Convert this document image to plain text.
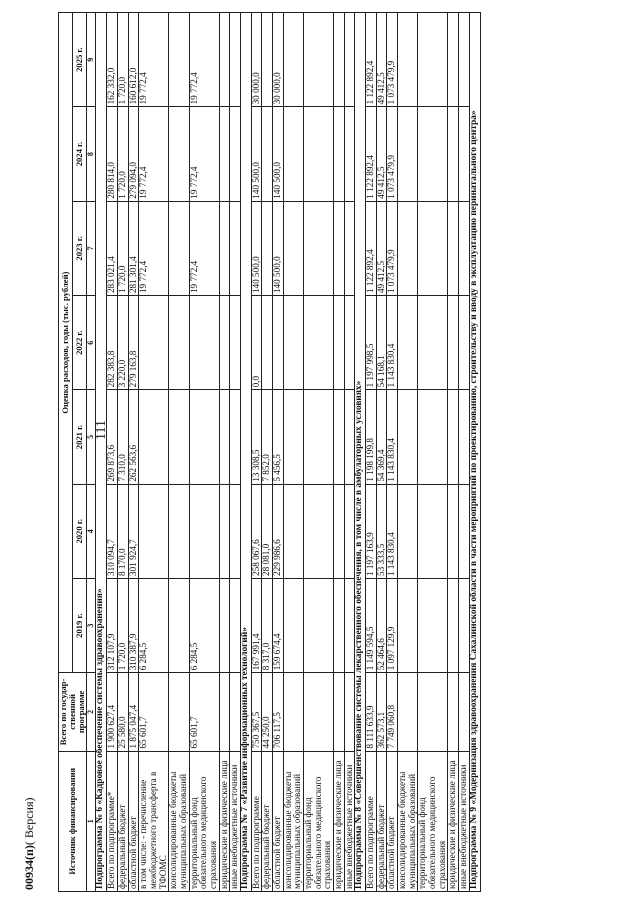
111
00934(п)( Версия)	Источник финансирования	Всего по государственной программе	Оценка расходов, годы (тыс. рублей)						
		2019 г.	2020 г.	2021 г.	2022 г.	2023 г.	2024 г.	2025 г.
1	2	3	4	5	6	7	8	9
Подпрограмма № 6 «Кадровое обеспечение системы здравоохранения»								
Всего по подпрограмме*	1 900 627,4	312 107,9	310 094,7	269 873,6	282 383,8	283 021,4	280 814,0	162 332,0
федеральный бюджет	25 580,0	1 720,0	8 170,0	7 310,0	3 220,0	1 720,0	1 720,0	1 720,0
областной бюджет	1 875 047,4	310 387,9	301 924,7	262 563,6	279 163,8	281 301,4	279 094,0	160 612,0
в том числе: - перечисление межбюджетного трансферта в ТФОМС	65 601,7	6 284,5				19 772,4	19 772,4	19 772,4
консолидированные бюджеты муниципальных образований								
территориальный фонд обязательного медицинского страхования	65 601,7	6 284,5				19 772,4	19 772,4	19 772,4
юридические и физические лица								
иные внебюджетные источники								
Подпрограмма № 7 «Развитие информационных технологий»								
Всего по подпрограмме	750 367,5	167 991,4	258 067,6	13 308,5	0,0	140 500,0	140 500,0	30 000,0
федеральный бюджет	44 250,0	8 317,0	28 081,0	7 852,0				
областной бюджет	706 117,5	159 674,4	229 986,6	5 456,5		140 500,0	140 500,0	30 000,0
консолидированные бюджеты муниципальных образований								
территориальный фонд обязательного медицинского страхования								
юридические и физические лица								
иные внебюджетные источники								
Подпрограмма № 8 «Совершенствование системы лекарственного обеспечения, в том числе в амбулаторных условиях»								
Всего по подпрограмме	8 111 633,9	1 149 594,5	1 197 163,9	1 198 199,8	1 197 998,5	1 122 892,4	1 122 892,4	1 122 892,4
федеральный бюджет	362 573,1	52 464,6	53 333,5	54 369,4	54 168,1	49 412,5	49 412,5	49 412,5
областной бюджет	7 749 060,8	1 097 129,9	1 143 830,4	1 143 830,4	1 143 830,4	1 073 479,9	1 073 479,9	1 073 479,9
консолидированные бюджеты муниципальных образований								
территориальный фонд обязательного медицинского страхования								
юридические и физические лица								
иные внебюджетные источники								
Подпрограмма № 9 «Модернизация здравоохранения Сахалинской области в части мероприятий по проектированию, строительству и вводу в эксплуатацию перинатального центра»								
